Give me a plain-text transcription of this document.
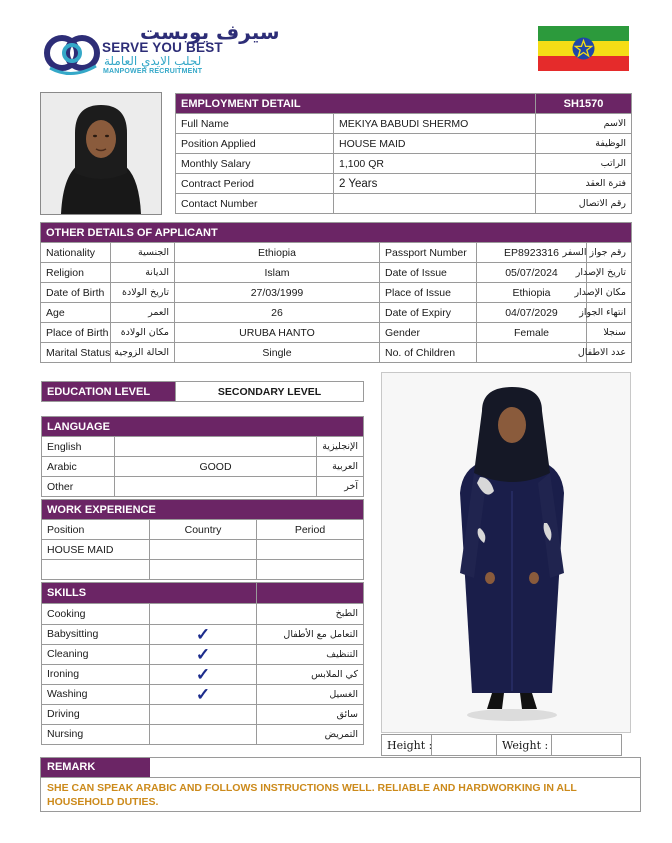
سيرف يوبست
SERVE YOU BEST
لجلب الايدي العاملة
MANPOWER RECRUITMENT
EMPLOYMENT DETAIL		SH1570
Full Name	MEKIYA BABUDI SHERMO	الاسم
Position Applied	HOUSE MAID	الوظيفة
Monthly Salary	1,100 QR	الراتب
Contract Period	2 Years	فترة العقد
Contact Number		رقم الاتصال
OTHER DETAILS OF APPLICANT					
Nationality	الجنسية	Ethiopia	Passport Number	EP8923316	رقم جواز السفر
Religion	الديانة	Islam	Date of Issue	05/07/2024	تاريخ الإصدار
Date of Birth	تاريخ الولادة	27/03/1999	Place of Issue	Ethiopia	مكان الإصدار
Age	العمر	26	Date of Expiry	04/07/2029	انتهاء الجواز
Place of Birth	مكان الولادة	URUBA HANTO	Gender	Female	سنجلا
Marital Status	الحالة الزوجية	Single	No. of Children		عدد الاطفال
EDUCATION LEVEL	SECONDARY LEVEL
LANGUAGE		
English		الإنجليزية
Arabic	GOOD	العربية
Other		آخر
WORK EXPERIENCE		
Position	Country	Period
HOUSE MAID		

SKILLS		
Cooking		الطبخ
Babysitting	✓	التعامل مع الأطفال
Cleaning	✓	التنظيف
Ironing	✓	كي الملابس
Washing	✓	الغسيل
Driving		سائق
Nursing		التمريض
Height :		Weight :	
REMARK
SHE CAN SPEAK ARABIC AND FOLLOWS INSTRUCTIONS WELL. RELIABLE AND HARDWORKING IN ALL HOUSEHOLD DUTIES.
